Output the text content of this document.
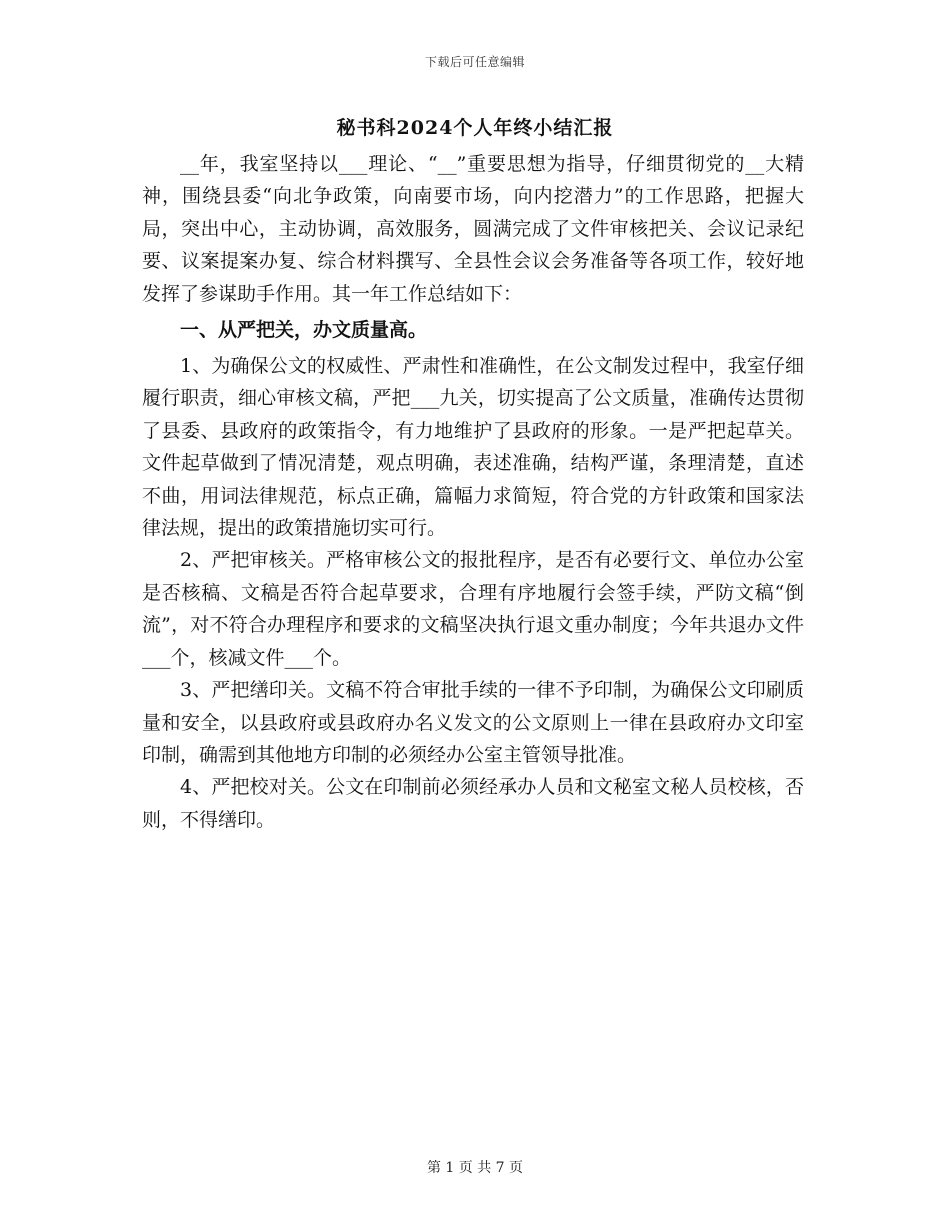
下载后可任意编辑
秘书科2024个人年终小结汇报

__年，我室坚持以___理论、“__”重要思想为指导，仔细贯彻党的__大精神，围绕县委“向北争政策，向南要市场，向内挖潜力”的工作思路，把握大局，突出中心，主动协调，高效服务，圆满完成了文件审核把关、会议记录纪要、议案提案办复、综合材料撰写、全县性会议会务准备等各项工作，较好地发挥了参谋助手作用。其一年工作总结如下：

一、从严把关，办文质量高。

1、为确保公文的权威性、严肃性和准确性，在公文制发过程中，我室仔细履行职责，细心审核文稿，严把___九关，切实提高了公文质量，准确传达贯彻了县委、县政府的政策指令，有力地维护了县政府的形象。一是严把起草关。文件起草做到了情况清楚，观点明确，表述准确，结构严谨，条理清楚，直述不曲，用词法律规范，标点正确，篇幅力求简短，符合党的方针政策和国家法律法规，提出的政策措施切实可行。

2、严把审核关。严格审核公文的报批程序，是否有必要行文、单位办公室是否核稿、文稿是否符合起草要求，合理有序地履行会签手续，严防文稿“倒流”，对不符合办理程序和要求的文稿坚决执行退文重办制度；今年共退办文件___个，核减文件___个。

3、严把缮印关。文稿不符合审批手续的一律不予印制，为确保公文印刷质量和安全，以县政府或县政府办名义发文的公文原则上一律在县政府办文印室印制，确需到其他地方印制的必须经办公室主管领导批准。

4、严把校对关。公文在印制前必须经承办人员和文秘室文秘人员校核，否则，不得缮印。

第 1 页 共 7 页
